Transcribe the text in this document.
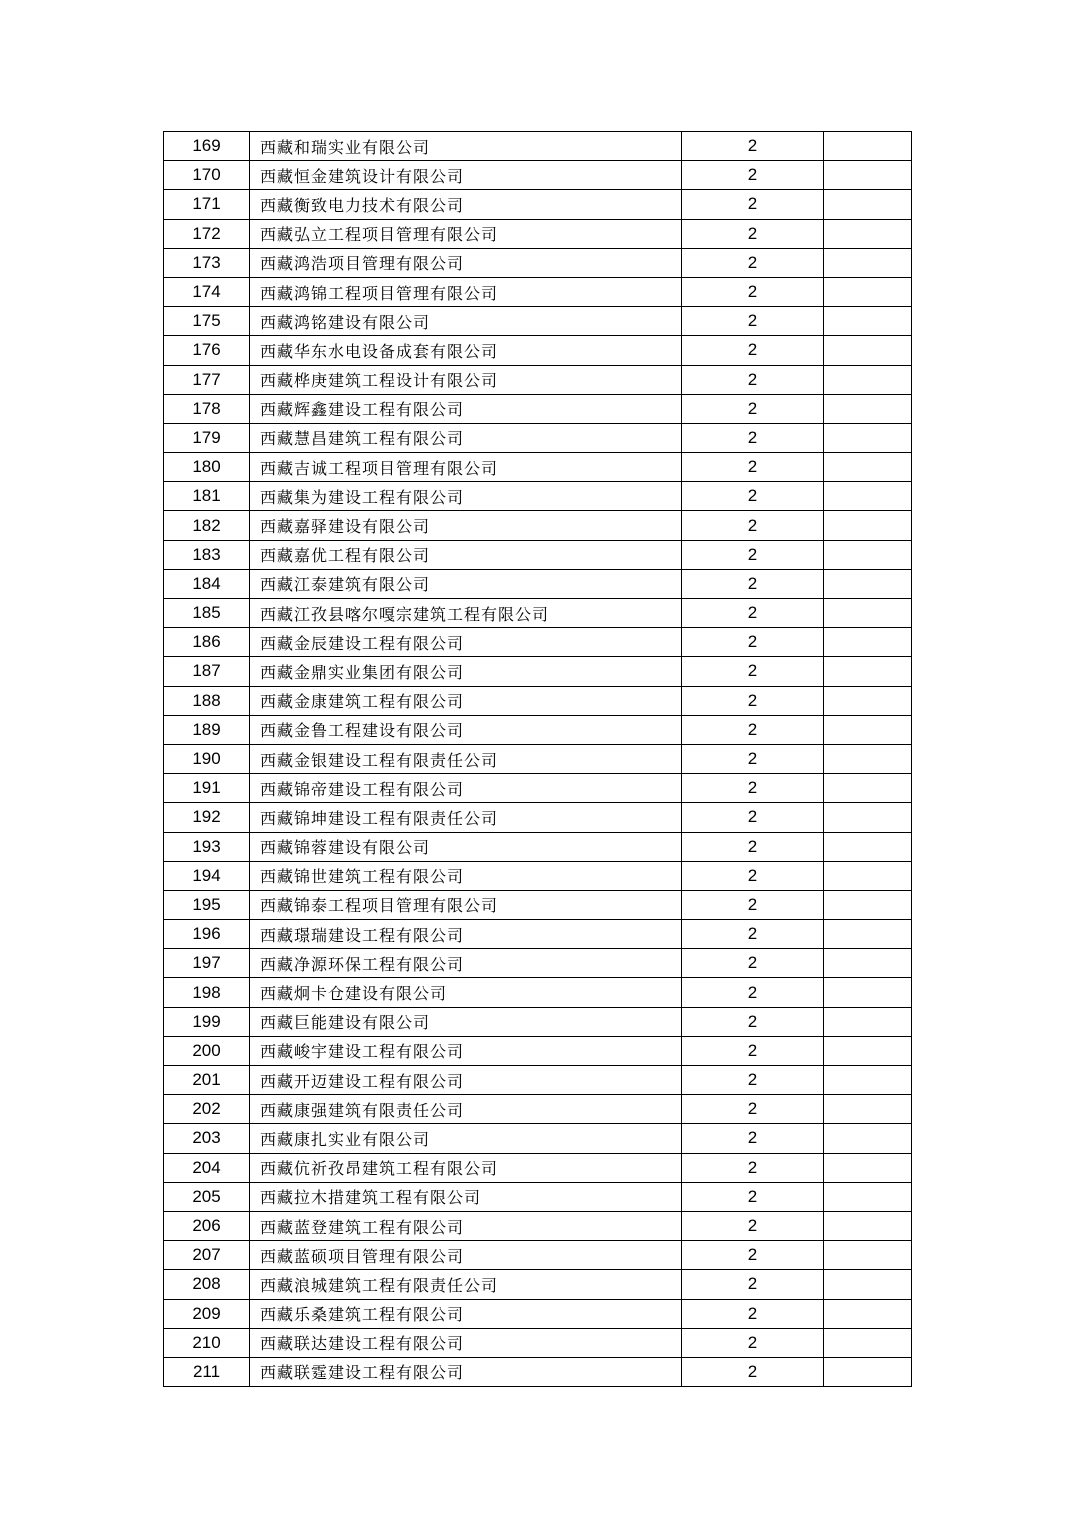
169	西藏和瑞实业有限公司	2	
170	西藏恒金建筑设计有限公司	2	
171	西藏衡致电力技术有限公司	2	
172	西藏弘立工程项目管理有限公司	2	
173	西藏鸿浩项目管理有限公司	2	
174	西藏鸿锦工程项目管理有限公司	2	
175	西藏鸿铭建设有限公司	2	
176	西藏华东水电设备成套有限公司	2	
177	西藏桦庚建筑工程设计有限公司	2	
178	西藏辉鑫建设工程有限公司	2	
179	西藏慧昌建筑工程有限公司	2	
180	西藏吉诚工程项目管理有限公司	2	
181	西藏集为建设工程有限公司	2	
182	西藏嘉驿建设有限公司	2	
183	西藏嘉优工程有限公司	2	
184	西藏江泰建筑有限公司	2	
185	西藏江孜县喀尔嘎宗建筑工程有限公司	2	
186	西藏金辰建设工程有限公司	2	
187	西藏金鼎实业集团有限公司	2	
188	西藏金康建筑工程有限公司	2	
189	西藏金鲁工程建设有限公司	2	
190	西藏金银建设工程有限责任公司	2	
191	西藏锦帝建设工程有限公司	2	
192	西藏锦坤建设工程有限责任公司	2	
193	西藏锦蓉建设有限公司	2	
194	西藏锦世建筑工程有限公司	2	
195	西藏锦泰工程项目管理有限公司	2	
196	西藏璟瑞建设工程有限公司	2	
197	西藏净源环保工程有限公司	2	
198	西藏炯卡仓建设有限公司	2	
199	西藏巨能建设有限公司	2	
200	西藏峻宇建设工程有限公司	2	
201	西藏开迈建设工程有限公司	2	
202	西藏康强建筑有限责任公司	2	
203	西藏康扎实业有限公司	2	
204	西藏伉祈孜昂建筑工程有限公司	2	
205	西藏拉木措建筑工程有限公司	2	
206	西藏蓝登建筑工程有限公司	2	
207	西藏蓝硕项目管理有限公司	2	
208	西藏浪城建筑工程有限责任公司	2	
209	西藏乐桑建筑工程有限公司	2	
210	西藏联达建设工程有限公司	2	
211	西藏联霆建设工程有限公司	2	
